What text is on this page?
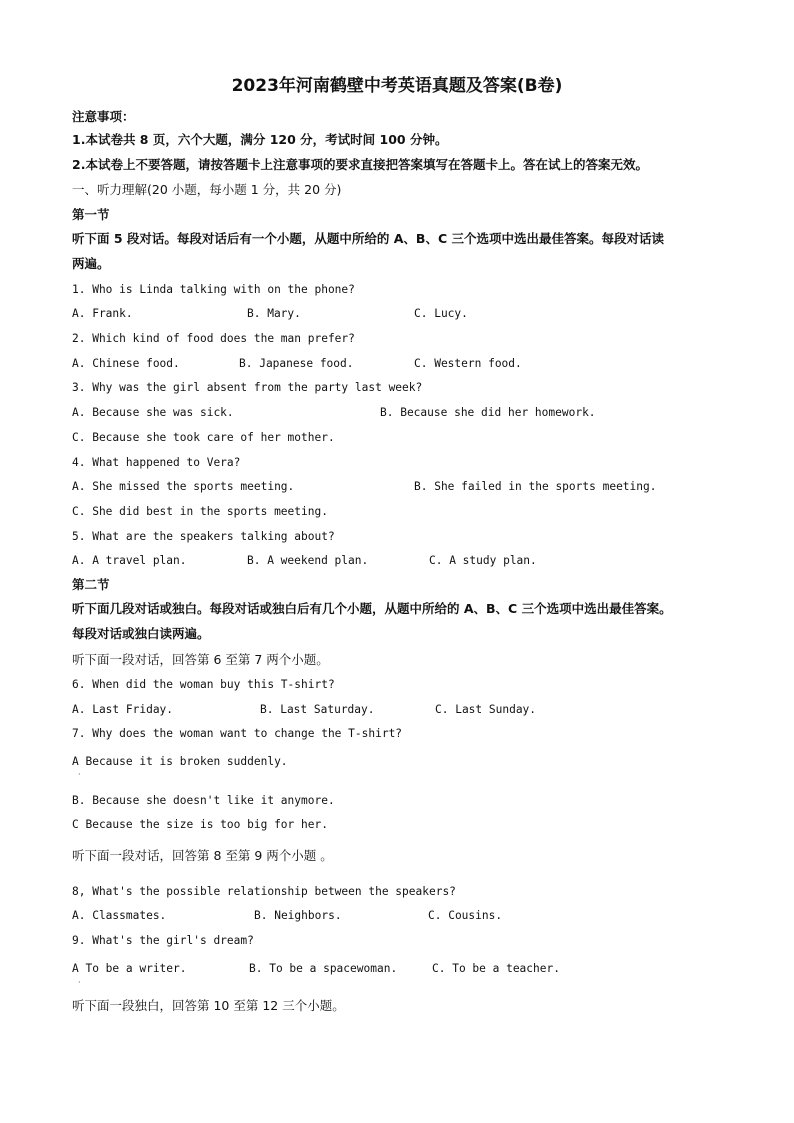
2023年河南鹤壁中考英语真题及答案(B卷)
注意事项：
1.本试卷共 8 页，六个大题，满分 120 分，考试时间 100 分钟。
2.本试卷上不要答题，请按答题卡上注意事项的要求直接把答案填写在答题卡上。答在试上的答案无效。
一、听力理解(20 小题，每小题 1 分，共 20 分)
第一节
听下面 5 段对话。每段对话后有一个小题，从题中所给的 A、B、C 三个选项中选出最佳答案。每段对话读
两遍。
1. Who is Linda talking with on the phone?
A. Frank.	B. Mary.	C. Lucy.
2. Which kind of food does the man prefer?
A. Chinese food.	B. Japanese food.	C. Western food.
3. Why was the girl absent from the party last week?
A. Because she was sick.	B. Because she did her homework.
C. Because she took care of her mother.
4. What happened to Vera?
A. She missed the sports meeting.	B. She failed in the sports meeting.
C. She did best in the sports meeting.
5. What are the speakers talking about?
A. A travel plan.	B. A weekend plan.	C. A study plan.
第二节
听下面几段对话或独白。每段对话或独白后有几个小题，从题中所给的 A、B、C 三个选项中选出最佳答案。
每段对话或独白读两遍。
听下面一段对话，回答第 6 至第 7 两个小题。
6. When did the woman buy this T-shirt?
A. Last Friday.	B. Last Saturday.	C. Last Sunday.
7. Why does the woman want to change the T-shirt?
A Because it is broken suddenly.
·
B. Because she doesn't like it anymore.
C Because the size is too big for her.
听下面一段对话，回答第 8 至第 9 两个小题 。
8, What's the possible relationship between the speakers?
A. Classmates.	B. Neighbors.	C. Cousins.
9. What's the girl's dream?
A To be a writer.	B. To be a spacewoman.	C. To be a teacher.
·
听下面一段独白，回答第 10 至第 12 三个小题。
